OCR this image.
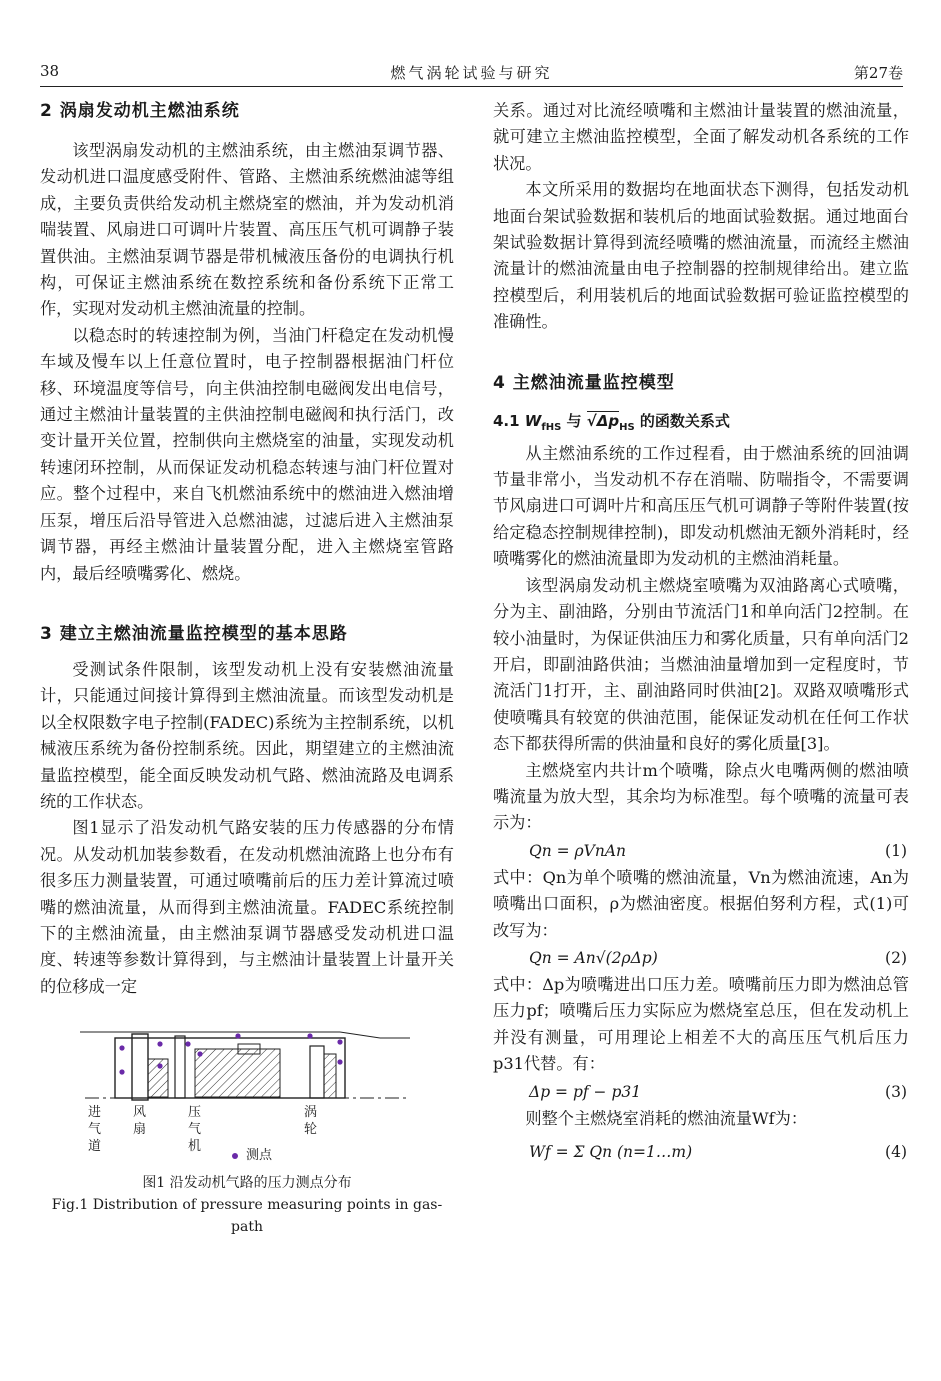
38	燃气涡轮试验与研究	第27卷
2 涡扇发动机主燃油系统

该型涡扇发动机的主燃油系统，由主燃油泵调节器、发动机进口温度感受附件、管路、主燃油系统燃油滤等组成，主要负责供给发动机主燃烧室的燃油，并为发动机消喘装置、风扇进口可调叶片装置、高压压气机可调静子装置供油。主燃油泵调节器是带机械液压备份的电调执行机构，可保证主燃油系统在数控系统和备份系统下正常工作，实现对发动机主燃油流量的控制。

以稳态时的转速控制为例，当油门杆稳定在发动机慢车域及慢车以上任意位置时，电子控制器根据油门杆位移、环境温度等信号，向主供油控制电磁阀发出电信号，通过主燃油计量装置的主供油控制电磁阀和执行活门，改变计量开关位置，控制供向主燃烧室的油量，实现发动机转速闭环控制，从而保证发动机稳态转速与油门杆位置对应。整个过程中，来自飞机燃油系统中的燃油进入燃油增压泵，增压后沿导管进入总燃油滤，过滤后进入主燃油泵调节器，再经主燃油计量装置分配，进入主燃烧室管路内，最后经喷嘴雾化、燃烧。

3 建立主燃油流量监控模型的基本思路

受测试条件限制，该型发动机上没有安装燃油流量计，只能通过间接计算得到主燃油流量。而该型发动机是以全权限数字电子控制(FADEC)系统为主控制系统，以机械液压系统为备份控制系统。因此，期望建立的主燃油流量监控模型，能全面反映发动机气路、燃油流路及电调系统的工作状态。

图1显示了沿发动机气路安装的压力传感器的分布情况。从发动机加装参数看，在发动机燃油流路上也分布有很多压力测量装置，可通过喷嘴前后的压力差计算流过喷嘴的燃油流量，从而得到主燃油流量。FADEC系统控制下的主燃油流量，由主燃油泵调节器感受发动机进口温度、转速等参数计算得到，与主燃油计量装置上计量开关的位移成一定

进气道
风扇
压气机
涡轮
测点
图1 沿发动机气路的压力测点分布
Fig.1 Distribution of pressure measuring points in gas-path

关系。通过对比流经喷嘴和主燃油计量装置的燃油流量，就可建立主燃油监控模型，全面了解发动机各系统的工作状况。

本文所采用的数据均在地面状态下测得，包括发动机地面台架试验数据和装机后的地面试验数据。通过地面台架试验数据计算得到流经喷嘴的燃油流量，而流经主燃油流量计的燃油流量由电子控制器的控制规律给出。建立监控模型后，利用装机后的地面试验数据可验证监控模型的准确性。

4 主燃油流量监控模型
4.1 $W_{fHS}$ 与 $√\Delta p_{HS}$ 的函数关系式

从主燃油系统的工作过程看，由于燃油系统的回油调节量非常小，当发动机不存在消喘、防喘指令，不需要调节风扇进口可调叶片和高压压气机可调静子等附件装置(按给定稳态控制规律控制)，即发动机燃油无额外消耗时，经喷嘴雾化的燃油流量即为发动机的主燃油消耗量。

该型涡扇发动机主燃烧室喷嘴为双油路离心式喷嘴，分为主、副油路，分别由节流活门1和单向活门2控制。在较小油量时，为保证供油压力和雾化质量，只有单向活门2开启，即副油路供油；当燃油油量增加到一定程度时，节流活门1打开，主、副油路同时供油[2]。双路双喷嘴形式使喷嘴具有较宽的供油范围，能保证发动机在任何工作状态下都获得所需的供油量和良好的雾化质量[3]。

主燃烧室内共计m个喷嘴，除点火电嘴两侧的燃油喷嘴流量为放大型，其余均为标准型。每个喷嘴的流量可表示为：

Qn = ρVnAn	(1)

式中：Qn为单个喷嘴的燃油流量，Vn为燃油流速，An为喷嘴出口面积，ρ为燃油密度。根据伯努利方程，式(1)可改写为：

Qn = An√(2ρΔp)	(2)

式中：Δp为喷嘴进出口压力差。喷嘴前压力即为燃油总管压力pf；喷嘴后压力实际应为燃烧室总压，但在发动机上并没有测量，可用理论上相差不大的高压压气机后压力p31代替。有：

Δp = pf − p31	(3)

则整个主燃烧室消耗的燃油流量Wf为：

Wf = Σ Qn (n=1…m)	(4)
